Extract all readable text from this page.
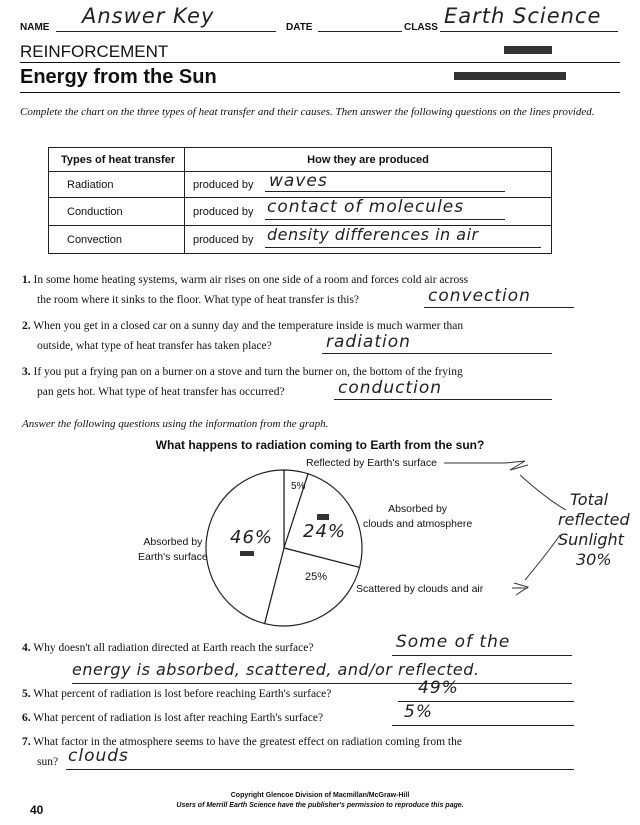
NAME Answer Key	DATE	CLASS Earth Science
REINFORCEMENT
Energy from the Sun
Complete the chart on the three types of heat transfer and their causes. Then answer the following questions on the lines provided.
Types of heat transfer	How they are produced
Radiation	produced by waves

Conduction	produced by contact of molecules

Convection	produced by density differences in air
1. In some home heating systems, warm air rises on one side of a room and forces cold air across
the room where it sinks to the floor. What type of heat transfer is this?	convection
2. When you get in a closed car on a sunny day and the temperature inside is much warmer than
outside, what type of heat transfer has taken place?	radiation
3. If you put a frying pan on a burner on a stove and turn the burner on, the bottom of the frying
pan gets hot. What type of heat transfer has occurred?	conduction
Answer the following questions using the information from the graph.
What happens to radiation coming to Earth from the sun?
5%
24%
25%
46%
Reflected by Earth's surface
Absorbed by
clouds and atmosphere
Scattered by clouds and air
Absorbed by
Earth's surface
Total
reflected
Sunlight
30%
4. Why doesn't all radiation directed at Earth reach the surface?	Some of the
energy is absorbed, scattered, and/or reflected.
5. What percent of radiation is lost before reaching Earth's surface?	49%
6. What percent of radiation is lost after reaching Earth's surface?	5%
7. What factor in the atmosphere seems to have the greatest effect on radiation coming from the
sun? clouds
40
Copyright Glencoe Division of Macmillan/McGraw-Hill
Users of Merrill Earth Science have the publisher's permission to reproduce this page.
